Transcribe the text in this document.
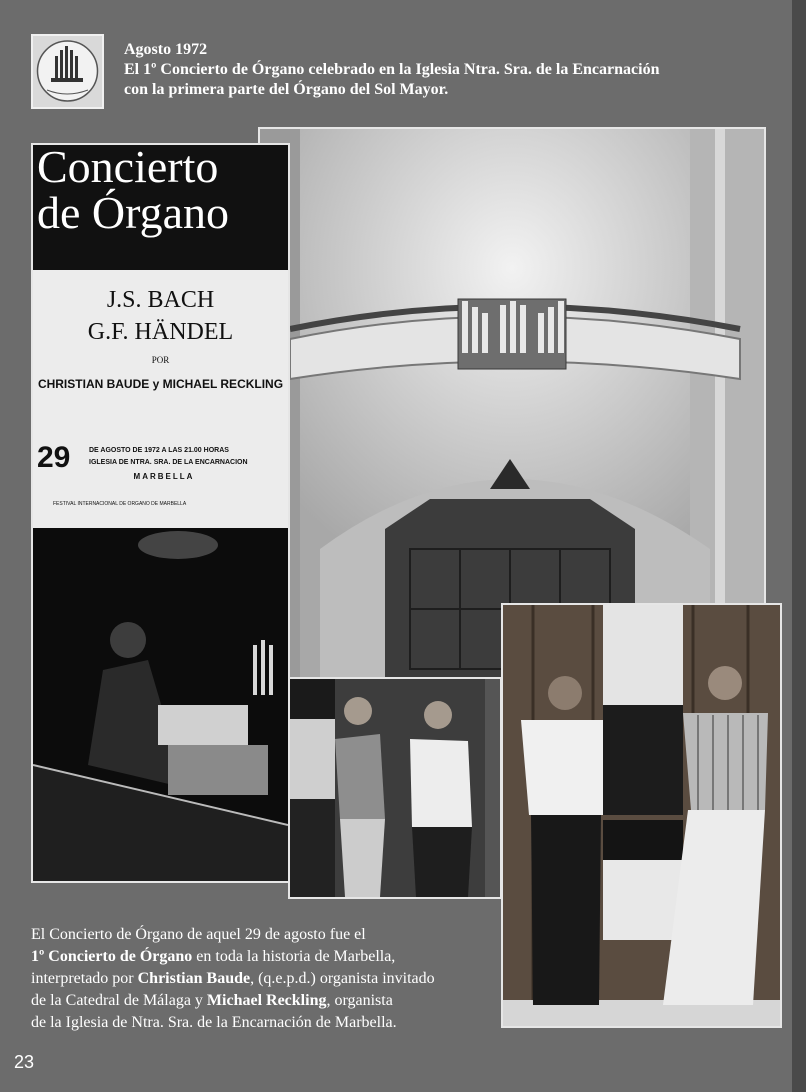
Agosto 1972
El 1º Concierto de Órgano celebrado en la Iglesia Ntra. Sra. de la Encarnación
con la primera parte del Órgano del Sol Mayor.
Concierto
de Órgano
J.S. BACH
G.F. HÄNDEL
POR
CHRISTIAN BAUDE y MICHAEL RECKLING
29	DE AGOSTO DE 1972 A LAS 21.00 HORAS
IGLESIA DE NTRA. SRA. DE LA ENCARNACION
MARBELLA
FESTIVAL INTERNACIONAL DE ORGANO DE MARBELLA
El Concierto de Órgano de aquel 29 de agosto fue el
1º Concierto de Órgano en toda la historia de Marbella,
interpretado por Christian Baude, (q.e.p.d.) organista invitado
de la Catedral de Málaga y Michael Reckling, organista
de la Iglesia de Ntra. Sra. de la Encarnación de Marbella.
23
